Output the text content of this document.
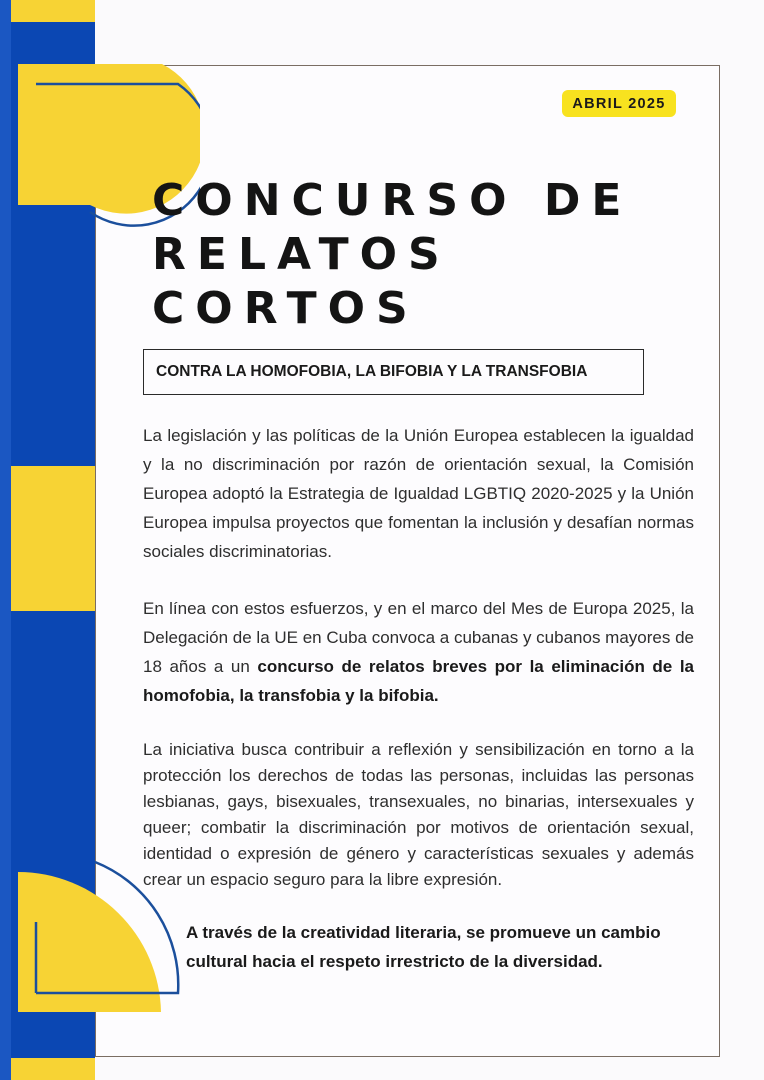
ABRIL 2025
CONCURSO DE
RELATOS
CORTOS
CONTRA LA HOMOFOBIA, LA BIFOBIA Y LA TRANSFOBIA

La legislación y las políticas de la Unión Europea establecen la igualdad y la no discriminación por razón de orientación sexual, la Comisión Europea adoptó la Estrategia de Igualdad LGBTIQ 2020-2025 y la Unión Europea impulsa proyectos que fomentan la inclusión y desafían normas sociales discriminatorias.

En línea con estos esfuerzos, y en el marco del Mes de Europa 2025, la Delegación de la UE en Cuba convoca a cubanas y cubanos mayores de 18 años a un concurso de relatos breves por la eliminación de la homofobia, la transfobia y la bifobia.

La iniciativa busca contribuir a reflexión y sensibilización en torno a la protección los derechos de todas las personas, incluidas las personas lesbianas, gays, bisexuales, transexuales, no binarias, intersexuales y queer; combatir la discriminación por motivos de orientación sexual, identidad o expresión de género y características sexuales y además crear un espacio seguro para la libre expresión.

A través de la creatividad literaria, se promueve un cambio cultural hacia el respeto irrestricto de la diversidad.
